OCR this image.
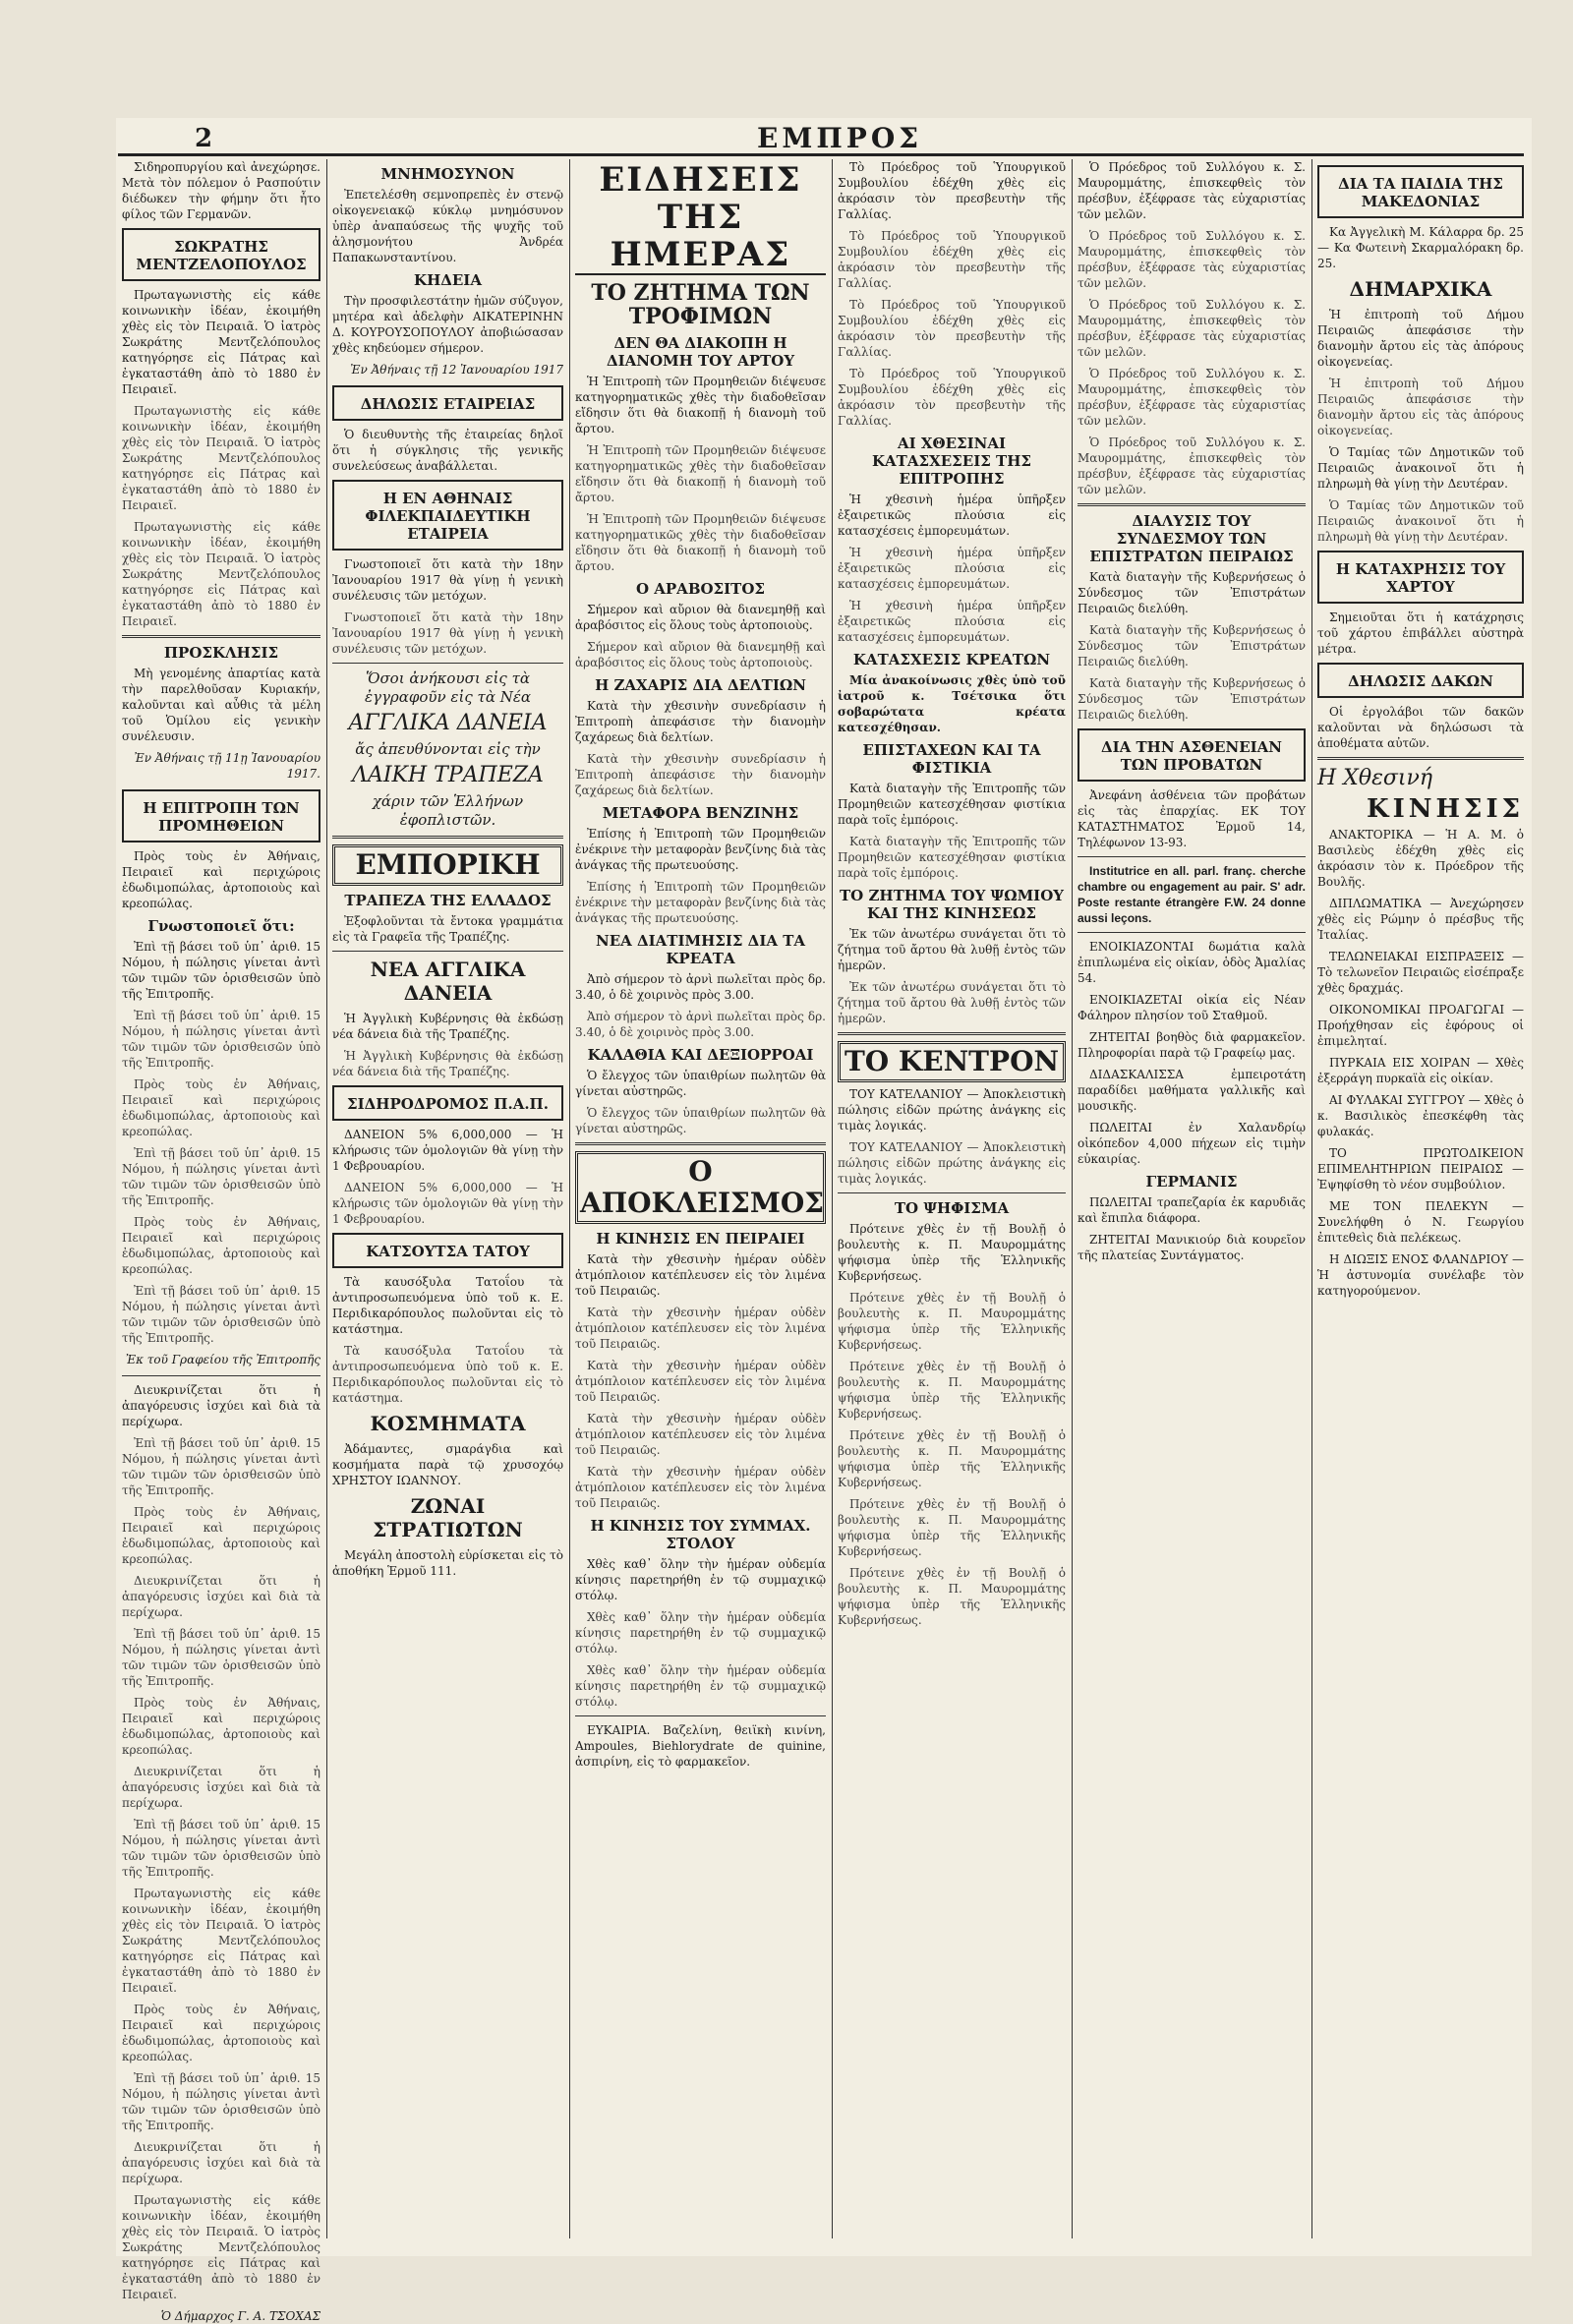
2	ΕΜΠΡΟΣ

Σιδηροπυργίου καὶ ἀνεχώρησε. Μετὰ τὸν πόλεμον ὁ Ρασπούτιν διέδωκεν τὴν φήμην ὅτι ἦτο φίλος τῶν Γερμανῶν.

ΣΩΚΡΑΤΗΣ ΜΕΝΤΖΕΛΟΠΟΥΛΟΣ

Πρωταγωνιστὴς εἰς κάθε κοινωνικὴν ἰδέαν, ἐκοιμήθη χθὲς εἰς τὸν Πειραιᾶ. Ὁ ἰατρὸς Σωκράτης Μεντζελόπουλος κατηγόρησε εἰς Πάτρας καὶ ἐγκαταστάθη ἀπὸ τὸ 1880 ἐν Πειραιεῖ.

Πρωταγωνιστὴς εἰς κάθε κοινωνικὴν ἰδέαν, ἐκοιμήθη χθὲς εἰς τὸν Πειραιᾶ. Ὁ ἰατρὸς Σωκράτης Μεντζελόπουλος κατηγόρησε εἰς Πάτρας καὶ ἐγκαταστάθη ἀπὸ τὸ 1880 ἐν Πειραιεῖ.

Πρωταγωνιστὴς εἰς κάθε κοινωνικὴν ἰδέαν, ἐκοιμήθη χθὲς εἰς τὸν Πειραιᾶ. Ὁ ἰατρὸς Σωκράτης Μεντζελόπουλος κατηγόρησε εἰς Πάτρας καὶ ἐγκαταστάθη ἀπὸ τὸ 1880 ἐν Πειραιεῖ.

ΠΡΟΣΚΛΗΣΙΣ

Μὴ γενομένης ἀπαρτίας κατὰ τὴν παρελθοῦσαν Κυριακήν, καλοῦνται καὶ αὖθις τὰ μέλη τοῦ Ὁμίλου εἰς γενικὴν συνέλευσιν.

Ἐν Ἀθήναις τῇ 11ῃ Ἰανουαρίου 1917.
Η ΕΠΙΤΡΟΠΗ ΤΩΝ ΠΡΟΜΗΘΕΙΩΝ

Πρὸς τοὺς ἐν Ἀθήναις, Πειραιεῖ καὶ περιχώροις ἐδωδιμοπώλας, ἀρτοποιοὺς καὶ κρεοπώλας.

Γνωστοποιεῖ ὅτι:

Ἐπὶ τῇ βάσει τοῦ ὑπ᾽ ἀριθ. 15 Νόμου, ἡ πώλησις γίνεται ἀντὶ τῶν τιμῶν τῶν ὁρισθεισῶν ὑπὸ τῆς Ἐπιτροπῆς.

Ἐπὶ τῇ βάσει τοῦ ὑπ᾽ ἀριθ. 15 Νόμου, ἡ πώλησις γίνεται ἀντὶ τῶν τιμῶν τῶν ὁρισθεισῶν ὑπὸ τῆς Ἐπιτροπῆς.

Πρὸς τοὺς ἐν Ἀθήναις, Πειραιεῖ καὶ περιχώροις ἐδωδιμοπώλας, ἀρτοποιοὺς καὶ κρεοπώλας.

Ἐπὶ τῇ βάσει τοῦ ὑπ᾽ ἀριθ. 15 Νόμου, ἡ πώλησις γίνεται ἀντὶ τῶν τιμῶν τῶν ὁρισθεισῶν ὑπὸ τῆς Ἐπιτροπῆς.

Πρὸς τοὺς ἐν Ἀθήναις, Πειραιεῖ καὶ περιχώροις ἐδωδιμοπώλας, ἀρτοποιοὺς καὶ κρεοπώλας.

Ἐπὶ τῇ βάσει τοῦ ὑπ᾽ ἀριθ. 15 Νόμου, ἡ πώλησις γίνεται ἀντὶ τῶν τιμῶν τῶν ὁρισθεισῶν ὑπὸ τῆς Ἐπιτροπῆς.

Ἐκ τοῦ Γραφείου τῆς Ἐπιτροπῆς

Διευκρινίζεται ὅτι ἡ ἀπαγόρευσις ἰσχύει καὶ διὰ τὰ περίχωρα.

Ἐπὶ τῇ βάσει τοῦ ὑπ᾽ ἀριθ. 15 Νόμου, ἡ πώλησις γίνεται ἀντὶ τῶν τιμῶν τῶν ὁρισθεισῶν ὑπὸ τῆς Ἐπιτροπῆς.

Πρὸς τοὺς ἐν Ἀθήναις, Πειραιεῖ καὶ περιχώροις ἐδωδιμοπώλας, ἀρτοποιοὺς καὶ κρεοπώλας.

Διευκρινίζεται ὅτι ἡ ἀπαγόρευσις ἰσχύει καὶ διὰ τὰ περίχωρα.

Ἐπὶ τῇ βάσει τοῦ ὑπ᾽ ἀριθ. 15 Νόμου, ἡ πώλησις γίνεται ἀντὶ τῶν τιμῶν τῶν ὁρισθεισῶν ὑπὸ τῆς Ἐπιτροπῆς.

Πρὸς τοὺς ἐν Ἀθήναις, Πειραιεῖ καὶ περιχώροις ἐδωδιμοπώλας, ἀρτοποιοὺς καὶ κρεοπώλας.

Διευκρινίζεται ὅτι ἡ ἀπαγόρευσις ἰσχύει καὶ διὰ τὰ περίχωρα.

Ἐπὶ τῇ βάσει τοῦ ὑπ᾽ ἀριθ. 15 Νόμου, ἡ πώλησις γίνεται ἀντὶ τῶν τιμῶν τῶν ὁρισθεισῶν ὑπὸ τῆς Ἐπιτροπῆς.

Πρωταγωνιστὴς εἰς κάθε κοινωνικὴν ἰδέαν, ἐκοιμήθη χθὲς εἰς τὸν Πειραιᾶ. Ὁ ἰατρὸς Σωκράτης Μεντζελόπουλος κατηγόρησε εἰς Πάτρας καὶ ἐγκαταστάθη ἀπὸ τὸ 1880 ἐν Πειραιεῖ.

Πρὸς τοὺς ἐν Ἀθήναις, Πειραιεῖ καὶ περιχώροις ἐδωδιμοπώλας, ἀρτοποιοὺς καὶ κρεοπώλας.

Ἐπὶ τῇ βάσει τοῦ ὑπ᾽ ἀριθ. 15 Νόμου, ἡ πώλησις γίνεται ἀντὶ τῶν τιμῶν τῶν ὁρισθεισῶν ὑπὸ τῆς Ἐπιτροπῆς.

Διευκρινίζεται ὅτι ἡ ἀπαγόρευσις ἰσχύει καὶ διὰ τὰ περίχωρα.

Πρωταγωνιστὴς εἰς κάθε κοινωνικὴν ἰδέαν, ἐκοιμήθη χθὲς εἰς τὸν Πειραιᾶ. Ὁ ἰατρὸς Σωκράτης Μεντζελόπουλος κατηγόρησε εἰς Πάτρας καὶ ἐγκαταστάθη ἀπὸ τὸ 1880 ἐν Πειραιεῖ.

Ὁ Δήμαρχος Γ. Α. ΤΣΟΧΑΣ
ΜΝΗΜΟΣΥΝΟΝ

Ἐπετελέσθη σεμνοπρεπὲς ἐν στενῷ οἰκογενειακῷ κύκλῳ μνημόσυνον ὑπὲρ ἀναπαύσεως τῆς ψυχῆς τοῦ ἀλησμονήτου Ἀνδρέα Παπακωνσταντίνου.

ΚΗΔΕΙΑ

Τὴν προσφιλεστάτην ἡμῶν σύζυγον, μητέρα καὶ ἀδελφὴν ΑΙΚΑΤΕΡΙΝΗΝ Δ. ΚΟΥΡΟΥΣΟΠΟΥΛΟΥ ἀποβιώσασαν χθὲς κηδεύομεν σήμερον.

Ἐν Ἀθήναις τῇ 12 Ἰανουαρίου 1917
ΔΗΛΩΣΙΣ ΕΤΑΙΡΕΙΑΣ

Ὁ διευθυντὴς τῆς ἐταιρείας δηλοῖ ὅτι ἡ σύγκλησις τῆς γενικῆς συνελεύσεως ἀναβάλλεται.

Η ΕΝ ΑΘΗΝΑΙΣ ΦΙΛΕΚΠΑΙΔΕΥΤΙΚΗ ΕΤΑΙΡΕΙΑ

Γνωστοποιεῖ ὅτι κατὰ τὴν 18ην Ἰανουαρίου 1917 θὰ γίνῃ ἡ γενικὴ συνέλευσις τῶν μετόχων.

Γνωστοποιεῖ ὅτι κατὰ τὴν 18ην Ἰανουαρίου 1917 θὰ γίνῃ ἡ γενικὴ συνέλευσις τῶν μετόχων.

Ὅσοι ἀνήκουσι εἰς τὰ ἐγγραφοῦν εἰς τὰ Νέα
ΑΓΓΛΙΚΑ ΔΑΝΕΙΑ
ἄς ἀπευθύνονται εἰς τὴν
ΛΑΙΚΗ ΤΡΑΠΕΖΑ
χάριν τῶν Ἑλλήνων ἐφοπλιστῶν.
ΕΜΠΟΡΙΚΗ
ΤΡΑΠΕΖΑ ΤΗΣ ΕΛΛΑΔΟΣ

Ἐξοφλοῦνται τὰ ἔντοκα γραμμάτια εἰς τὰ Γραφεῖα τῆς Τραπέζης.

ΝΕΑ ΑΓΓΛΙΚΑ ΔΑΝΕΙΑ

Ἡ Ἀγγλικὴ Κυβέρνησις θὰ ἐκδώσῃ νέα δάνεια διὰ τῆς Τραπέζης.

Ἡ Ἀγγλικὴ Κυβέρνησις θὰ ἐκδώσῃ νέα δάνεια διὰ τῆς Τραπέζης.

ΣΙΔΗΡΟΔΡΟΜΟΣ Π.Α.Π.

ΔΑΝΕΙΟΝ 5% 6,000,000 — Ἡ κλήρωσις τῶν ὁμολογιῶν θὰ γίνῃ τὴν 1 Φεβρουαρίου.

ΔΑΝΕΙΟΝ 5% 6,000,000 — Ἡ κλήρωσις τῶν ὁμολογιῶν θὰ γίνῃ τὴν 1 Φεβρουαρίου.

ΚΑΤΣΟΥΤΣΑ ΤΑΤΟΥ

Τὰ καυσόξυλα Τατοΐου τὰ ἀντιπροσωπευόμενα ὑπὸ τοῦ κ. Ε. Περιδικαρόπουλος πωλοῦνται εἰς τὸ κατάστημα.

Τὰ καυσόξυλα Τατοΐου τὰ ἀντιπροσωπευόμενα ὑπὸ τοῦ κ. Ε. Περιδικαρόπουλος πωλοῦνται εἰς τὸ κατάστημα.

ΚΟΣΜΗΜΑΤΑ

Ἀδάμαντες, σμαράγδια καὶ κοσμήματα παρὰ τῷ χρυσοχόῳ ΧΡΗΣΤΟΥ ΙΩΑΝΝΟΥ.

ΖΩΝΑΙ ΣΤΡΑΤΙΩΤΩΝ

Μεγάλη ἀποστολὴ εὑρίσκεται εἰς τὸ ἀποθήκη Ἑρμοῦ 111.

ΕΙΔΗΣΕΙΣ ΤΗΣ ΗΜΕΡΑΣ
ΤΟ ΖΗΤΗΜΑ ΤΩΝ ΤΡΟΦΙΜΩΝ
ΔΕΝ ΘΑ ΔΙΑΚΟΠΗ Η ΔΙΑΝΟΜΗ ΤΟΥ ΑΡΤΟΥ

Ἡ Ἐπιτροπὴ τῶν Προμηθειῶν διέψευσε κατηγορηματικῶς χθὲς τὴν διαδοθεῖσαν εἴδησιν ὅτι θὰ διακοπῇ ἡ διανομὴ τοῦ ἄρτου.

Ἡ Ἐπιτροπὴ τῶν Προμηθειῶν διέψευσε κατηγορηματικῶς χθὲς τὴν διαδοθεῖσαν εἴδησιν ὅτι θὰ διακοπῇ ἡ διανομὴ τοῦ ἄρτου.

Ἡ Ἐπιτροπὴ τῶν Προμηθειῶν διέψευσε κατηγορηματικῶς χθὲς τὴν διαδοθεῖσαν εἴδησιν ὅτι θὰ διακοπῇ ἡ διανομὴ τοῦ ἄρτου.

Ο ΑΡΑΒΟΣΙΤΟΣ

Σήμερον καὶ αὔριον θὰ διανεμηθῇ καὶ ἀραβόσιτος εἰς ὅλους τοὺς ἀρτοποιοὺς.

Σήμερον καὶ αὔριον θὰ διανεμηθῇ καὶ ἀραβόσιτος εἰς ὅλους τοὺς ἀρτοποιοὺς.

Η ΖΑΧΑΡΙΣ ΔΙΑ ΔΕΛΤΙΩΝ

Κατὰ τὴν χθεσινὴν συνεδρίασιν ἡ Ἐπιτροπὴ ἀπεφάσισε τὴν διανομὴν ζαχάρεως διὰ δελτίων.

Κατὰ τὴν χθεσινὴν συνεδρίασιν ἡ Ἐπιτροπὴ ἀπεφάσισε τὴν διανομὴν ζαχάρεως διὰ δελτίων.

ΜΕΤΑΦΟΡΑ ΒΕΝΖΙΝΗΣ

Ἐπίσης ἡ Ἐπιτροπὴ τῶν Προμηθειῶν ἐνέκρινε τὴν μεταφορὰν βενζίνης διὰ τὰς ἀνάγκας τῆς πρωτευούσης.

Ἐπίσης ἡ Ἐπιτροπὴ τῶν Προμηθειῶν ἐνέκρινε τὴν μεταφορὰν βενζίνης διὰ τὰς ἀνάγκας τῆς πρωτευούσης.

ΝΕΑ ΔΙΑΤΙΜΗΣΙΣ ΔΙΑ ΤΑ ΚΡΕΑΤΑ

Ἀπὸ σήμερον τὸ ἀρνὶ πωλεῖται πρὸς δρ. 3.40, ὁ δὲ χοιρινὸς πρὸς 3.00.

Ἀπὸ σήμερον τὸ ἀρνὶ πωλεῖται πρὸς δρ. 3.40, ὁ δὲ χοιρινὸς πρὸς 3.00.

ΚΑΛΑΘΙΑ ΚΑΙ ΔΕΞΙΟΡΡΟΑΙ

Ὁ ἔλεγχος τῶν ὑπαιθρίων πωλητῶν θὰ γίνεται αὐστηρῶς.

Ὁ ἔλεγχος τῶν ὑπαιθρίων πωλητῶν θὰ γίνεται αὐστηρῶς.

Ο ΑΠΟΚΛΕΙΣΜΟΣ
Η ΚΙΝΗΣΙΣ ΕΝ ΠΕΙΡΑΙΕΙ

Κατὰ τὴν χθεσινὴν ἡμέραν οὐδὲν ἀτμόπλοιον κατέπλευσεν εἰς τὸν λιμένα τοῦ Πειραιῶς.

Κατὰ τὴν χθεσινὴν ἡμέραν οὐδὲν ἀτμόπλοιον κατέπλευσεν εἰς τὸν λιμένα τοῦ Πειραιῶς.

Κατὰ τὴν χθεσινὴν ἡμέραν οὐδὲν ἀτμόπλοιον κατέπλευσεν εἰς τὸν λιμένα τοῦ Πειραιῶς.

Κατὰ τὴν χθεσινὴν ἡμέραν οὐδὲν ἀτμόπλοιον κατέπλευσεν εἰς τὸν λιμένα τοῦ Πειραιῶς.

Κατὰ τὴν χθεσινὴν ἡμέραν οὐδὲν ἀτμόπλοιον κατέπλευσεν εἰς τὸν λιμένα τοῦ Πειραιῶς.

Η ΚΙΝΗΣΙΣ ΤΟΥ ΣΥΜΜΑΧ. ΣΤΟΛΟΥ

Χθὲς καθ᾽ ὅλην τὴν ἡμέραν οὐδεμία κίνησις παρετηρήθη ἐν τῷ συμμαχικῷ στόλῳ.

Χθὲς καθ᾽ ὅλην τὴν ἡμέραν οὐδεμία κίνησις παρετηρήθη ἐν τῷ συμμαχικῷ στόλῳ.

Χθὲς καθ᾽ ὅλην τὴν ἡμέραν οὐδεμία κίνησις παρετηρήθη ἐν τῷ συμμαχικῷ στόλῳ.

ΕΥΚΑΙΡΙΑ. Βαζελίνη, θειϊκὴ κινίνη, Ampoules, Biehlorydrate de quinine, ἀσπιρίνη, εἰς τὸ φαρμακεῖον.

Τὸ Πρόεδρος τοῦ Ὑπουργικοῦ Συμβουλίου ἐδέχθη χθὲς εἰς ἀκρόασιν τὸν πρεσβευτὴν τῆς Γαλλίας.

Τὸ Πρόεδρος τοῦ Ὑπουργικοῦ Συμβουλίου ἐδέχθη χθὲς εἰς ἀκρόασιν τὸν πρεσβευτὴν τῆς Γαλλίας.

Τὸ Πρόεδρος τοῦ Ὑπουργικοῦ Συμβουλίου ἐδέχθη χθὲς εἰς ἀκρόασιν τὸν πρεσβευτὴν τῆς Γαλλίας.

Τὸ Πρόεδρος τοῦ Ὑπουργικοῦ Συμβουλίου ἐδέχθη χθὲς εἰς ἀκρόασιν τὸν πρεσβευτὴν τῆς Γαλλίας.

ΑΙ ΧΘΕΣΙΝΑΙ ΚΑΤΑΣΧΕΣΕΙΣ ΤΗΣ ΕΠΙΤΡΟΠΗΣ

Ἡ χθεσινὴ ἡμέρα ὑπῆρξεν ἐξαιρετικῶς πλούσια εἰς κατασχέσεις ἐμπορευμάτων.

Ἡ χθεσινὴ ἡμέρα ὑπῆρξεν ἐξαιρετικῶς πλούσια εἰς κατασχέσεις ἐμπορευμάτων.

Ἡ χθεσινὴ ἡμέρα ὑπῆρξεν ἐξαιρετικῶς πλούσια εἰς κατασχέσεις ἐμπορευμάτων.

ΚΑΤΑΣΧΕΣΙΣ ΚΡΕΑΤΩΝ

Μία ἀνακοίνωσις χθὲς ὑπὸ τοῦ ἰατροῦ κ. Τσέτσικα ὅτι σοβαρώτατα κρέατα κατεσχέθησαν.

ΕΠΙΣΤΑΧΕΩΝ ΚΑΙ ΤΑ ΦΙΣΤΙΚΙΑ

Κατὰ διαταγὴν τῆς Ἐπιτροπῆς τῶν Προμηθειῶν κατεσχέθησαν φιστίκια παρὰ τοῖς ἐμπόροις.

Κατὰ διαταγὴν τῆς Ἐπιτροπῆς τῶν Προμηθειῶν κατεσχέθησαν φιστίκια παρὰ τοῖς ἐμπόροις.

ΤΟ ΖΗΤΗΜΑ ΤΟΥ ΨΩΜΙΟΥ ΚΑΙ ΤΗΣ ΚΙΝΗΣΕΩΣ

Ἐκ τῶν ἀνωτέρω συνάγεται ὅτι τὸ ζήτημα τοῦ ἄρτου θὰ λυθῇ ἐντὸς τῶν ἡμερῶν.

Ἐκ τῶν ἀνωτέρω συνάγεται ὅτι τὸ ζήτημα τοῦ ἄρτου θὰ λυθῇ ἐντὸς τῶν ἡμερῶν.

ΤΟ ΚΕΝΤΡΟΝ

ΤΟΥ ΚΑΤΕΛΑΝΙΟΥ — Ἀποκλειστικὴ πώλησις εἰδῶν πρώτης ἀνάγκης εἰς τιμὰς λογικάς.

ΤΟΥ ΚΑΤΕΛΑΝΙΟΥ — Ἀποκλειστικὴ πώλησις εἰδῶν πρώτης ἀνάγκης εἰς τιμὰς λογικάς.

ΤΟ ΨΗΦΙΣΜΑ

Πρότεινε χθὲς ἐν τῇ Βουλῇ ὁ βουλευτὴς κ. Π. Μαυρομμάτης ψήφισμα ὑπὲρ τῆς Ἑλληνικῆς Κυβερνήσεως.

Πρότεινε χθὲς ἐν τῇ Βουλῇ ὁ βουλευτὴς κ. Π. Μαυρομμάτης ψήφισμα ὑπὲρ τῆς Ἑλληνικῆς Κυβερνήσεως.

Πρότεινε χθὲς ἐν τῇ Βουλῇ ὁ βουλευτὴς κ. Π. Μαυρομμάτης ψήφισμα ὑπὲρ τῆς Ἑλληνικῆς Κυβερνήσεως.

Πρότεινε χθὲς ἐν τῇ Βουλῇ ὁ βουλευτὴς κ. Π. Μαυρομμάτης ψήφισμα ὑπὲρ τῆς Ἑλληνικῆς Κυβερνήσεως.

Πρότεινε χθὲς ἐν τῇ Βουλῇ ὁ βουλευτὴς κ. Π. Μαυρομμάτης ψήφισμα ὑπὲρ τῆς Ἑλληνικῆς Κυβερνήσεως.

Πρότεινε χθὲς ἐν τῇ Βουλῇ ὁ βουλευτὴς κ. Π. Μαυρομμάτης ψήφισμα ὑπὲρ τῆς Ἑλληνικῆς Κυβερνήσεως.

Ὁ Πρόεδρος τοῦ Συλλόγου κ. Σ. Μαυρομμάτης, ἐπισκεφθεὶς τὸν πρέσβυν, ἐξέφρασε τὰς εὐχαριστίας τῶν μελῶν.

Ὁ Πρόεδρος τοῦ Συλλόγου κ. Σ. Μαυρομμάτης, ἐπισκεφθεὶς τὸν πρέσβυν, ἐξέφρασε τὰς εὐχαριστίας τῶν μελῶν.

Ὁ Πρόεδρος τοῦ Συλλόγου κ. Σ. Μαυρομμάτης, ἐπισκεφθεὶς τὸν πρέσβυν, ἐξέφρασε τὰς εὐχαριστίας τῶν μελῶν.

Ὁ Πρόεδρος τοῦ Συλλόγου κ. Σ. Μαυρομμάτης, ἐπισκεφθεὶς τὸν πρέσβυν, ἐξέφρασε τὰς εὐχαριστίας τῶν μελῶν.

Ὁ Πρόεδρος τοῦ Συλλόγου κ. Σ. Μαυρομμάτης, ἐπισκεφθεὶς τὸν πρέσβυν, ἐξέφρασε τὰς εὐχαριστίας τῶν μελῶν.

ΔΙΑΛΥΣΙΣ ΤΟΥ ΣΥΝΔΕΣΜΟΥ ΤΩΝ ΕΠΙΣΤΡΑΤΩΝ ΠΕΙΡΑΙΩΣ

Κατὰ διαταγὴν τῆς Κυβερνήσεως ὁ Σύνδεσμος τῶν Ἐπιστράτων Πειραιῶς διελύθη.

Κατὰ διαταγὴν τῆς Κυβερνήσεως ὁ Σύνδεσμος τῶν Ἐπιστράτων Πειραιῶς διελύθη.

Κατὰ διαταγὴν τῆς Κυβερνήσεως ὁ Σύνδεσμος τῶν Ἐπιστράτων Πειραιῶς διελύθη.

ΔΙΑ ΤΗΝ ΑΣΘΕΝΕΙΑΝ ΤΩΝ ΠΡΟΒΑΤΩΝ

Ἀνεφάνη ἀσθένεια τῶν προβάτων εἰς τὰς ἐπαρχίας. ΕΚ ΤΟΥ ΚΑΤΑΣΤΗΜΑΤΟΣ Ἐρμοῦ 14, Τηλέφωνον 13-93.

Institutrice en all. parl. franç. cherche chambre ou engagement au pair. S' adr. Poste restante étrangère F.W. 24 donne aussi leçons.

ΕΝΟΙΚΙΑΖΟΝΤΑΙ δωμάτια καλὰ ἐπιπλωμένα εἰς οἰκίαν, ὁδὸς Ἀμαλίας 54.

ΕΝΟΙΚΙΑΖΕΤΑΙ οἰκία εἰς Νέαν Φάληρον πλησίον τοῦ Σταθμοῦ.

ΖΗΤΕΙΤΑΙ βοηθὸς διὰ φαρμακεῖον. Πληροφορίαι παρὰ τῷ Γραφείῳ μας.

ΔΙΔΑΣΚΑΛΙΣΣΑ ἐμπειροτάτη παραδίδει μαθήματα γαλλικῆς καὶ μουσικῆς.

ΠΩΛΕΙΤΑΙ ἐν Χαλανδρίῳ οἰκόπεδον 4,000 πήχεων εἰς τιμὴν εὐκαιρίας.

ΓΕΡΜΑΝΙΣ

ΠΩΛΕΙΤΑΙ τραπεζαρία ἐκ καρυδιᾶς καὶ ἔπιπλα διάφορα.

ΖΗΤΕΙΤΑΙ Μανικιούρ διὰ κουρεῖον τῆς πλατείας Συντάγματος.

ΔΙΑ ΤΑ ΠΑΙΔΙΑ ΤΗΣ ΜΑΚΕΔΟΝΙΑΣ

Κα Ἀγγελικὴ Μ. Κάλαρρα δρ. 25 — Κα Φωτεινὴ Σκαρμαλόρακη δρ. 25.

ΔΗΜΑΡΧΙΚΑ

Ἡ ἐπιτροπὴ τοῦ Δήμου Πειραιῶς ἀπεφάσισε τὴν διανομὴν ἄρτου εἰς τὰς ἀπόρους οἰκογενείας.

Ἡ ἐπιτροπὴ τοῦ Δήμου Πειραιῶς ἀπεφάσισε τὴν διανομὴν ἄρτου εἰς τὰς ἀπόρους οἰκογενείας.

Ὁ Ταμίας τῶν Δημοτικῶν τοῦ Πειραιῶς ἀνακοινοῖ ὅτι ἡ πληρωμὴ θὰ γίνῃ τὴν Δευτέραν.

Ὁ Ταμίας τῶν Δημοτικῶν τοῦ Πειραιῶς ἀνακοινοῖ ὅτι ἡ πληρωμὴ θὰ γίνῃ τὴν Δευτέραν.

Η ΚΑΤΑΧΡΗΣΙΣ ΤΟΥ ΧΑΡΤΟΥ

Σημειοῦται ὅτι ἡ κατάχρησις τοῦ χάρτου ἐπιβάλλει αὐστηρὰ μέτρα.

ΔΗΛΩΣΙΣ ΔΑΚΩΝ

Οἱ ἐργολάβοι τῶν δακῶν καλοῦνται νὰ δηλώσωσι τὰ ἀποθέματα αὐτῶν.

Η Χθεσινή
ΚΙΝΗΣΙΣ

ΑΝΑΚΤΟΡΙΚΑ — Ἡ Α. Μ. ὁ Βασιλεὺς ἐδέχθη χθὲς εἰς ἀκρόασιν τὸν κ. Πρόεδρον τῆς Βουλῆς.

ΔΙΠΛΩΜΑΤΙΚΑ — Ἀνεχώρησεν χθὲς εἰς Ρώμην ὁ πρέσβυς τῆς Ἰταλίας.

ΤΕΛΩΝΕΙΑΚΑΙ ΕΙΣΠΡΑΞΕΙΣ — Τὸ τελωνεῖον Πειραιῶς εἰσέπραξε χθὲς δραχμάς.

ΟΙΚΟΝΟΜΙΚΑΙ ΠΡΟΑΓΩΓΑΙ — Προήχθησαν εἰς ἐφόρους οἱ ἐπιμεληταί.

ΠΥΡΚΑΙΑ ΕΙΣ ΧΟΙΡΑΝ — Χθὲς ἐξερράγη πυρκαϊὰ εἰς οἰκίαν.

ΑΙ ΦΥΛΑΚΑΙ ΣΥΓΓΡΟΥ — Χθὲς ὁ κ. Βασιλικὸς ἐπεσκέφθη τὰς φυλακάς.

ΤΟ ΠΡΩΤΟΔΙΚΕΙΟΝ ΕΠΙΜΕΛΗΤΗΡΙΩΝ ΠΕΙΡΑΙΩΣ — Ἐψηφίσθη τὸ νέον συμβούλιον.

ΜΕ ΤΟΝ ΠΕΛΕΚΥΝ — Συνελήφθη ὁ Ν. Γεωργίου ἐπιτεθεὶς διὰ πελέκεως.

Η ΔΙΩΞΙΣ ΕΝΟΣ ΦΛΑΝΔΡΙΟΥ — Ἡ ἀστυνομία συνέλαβε τὸν κατηγορούμενον.
